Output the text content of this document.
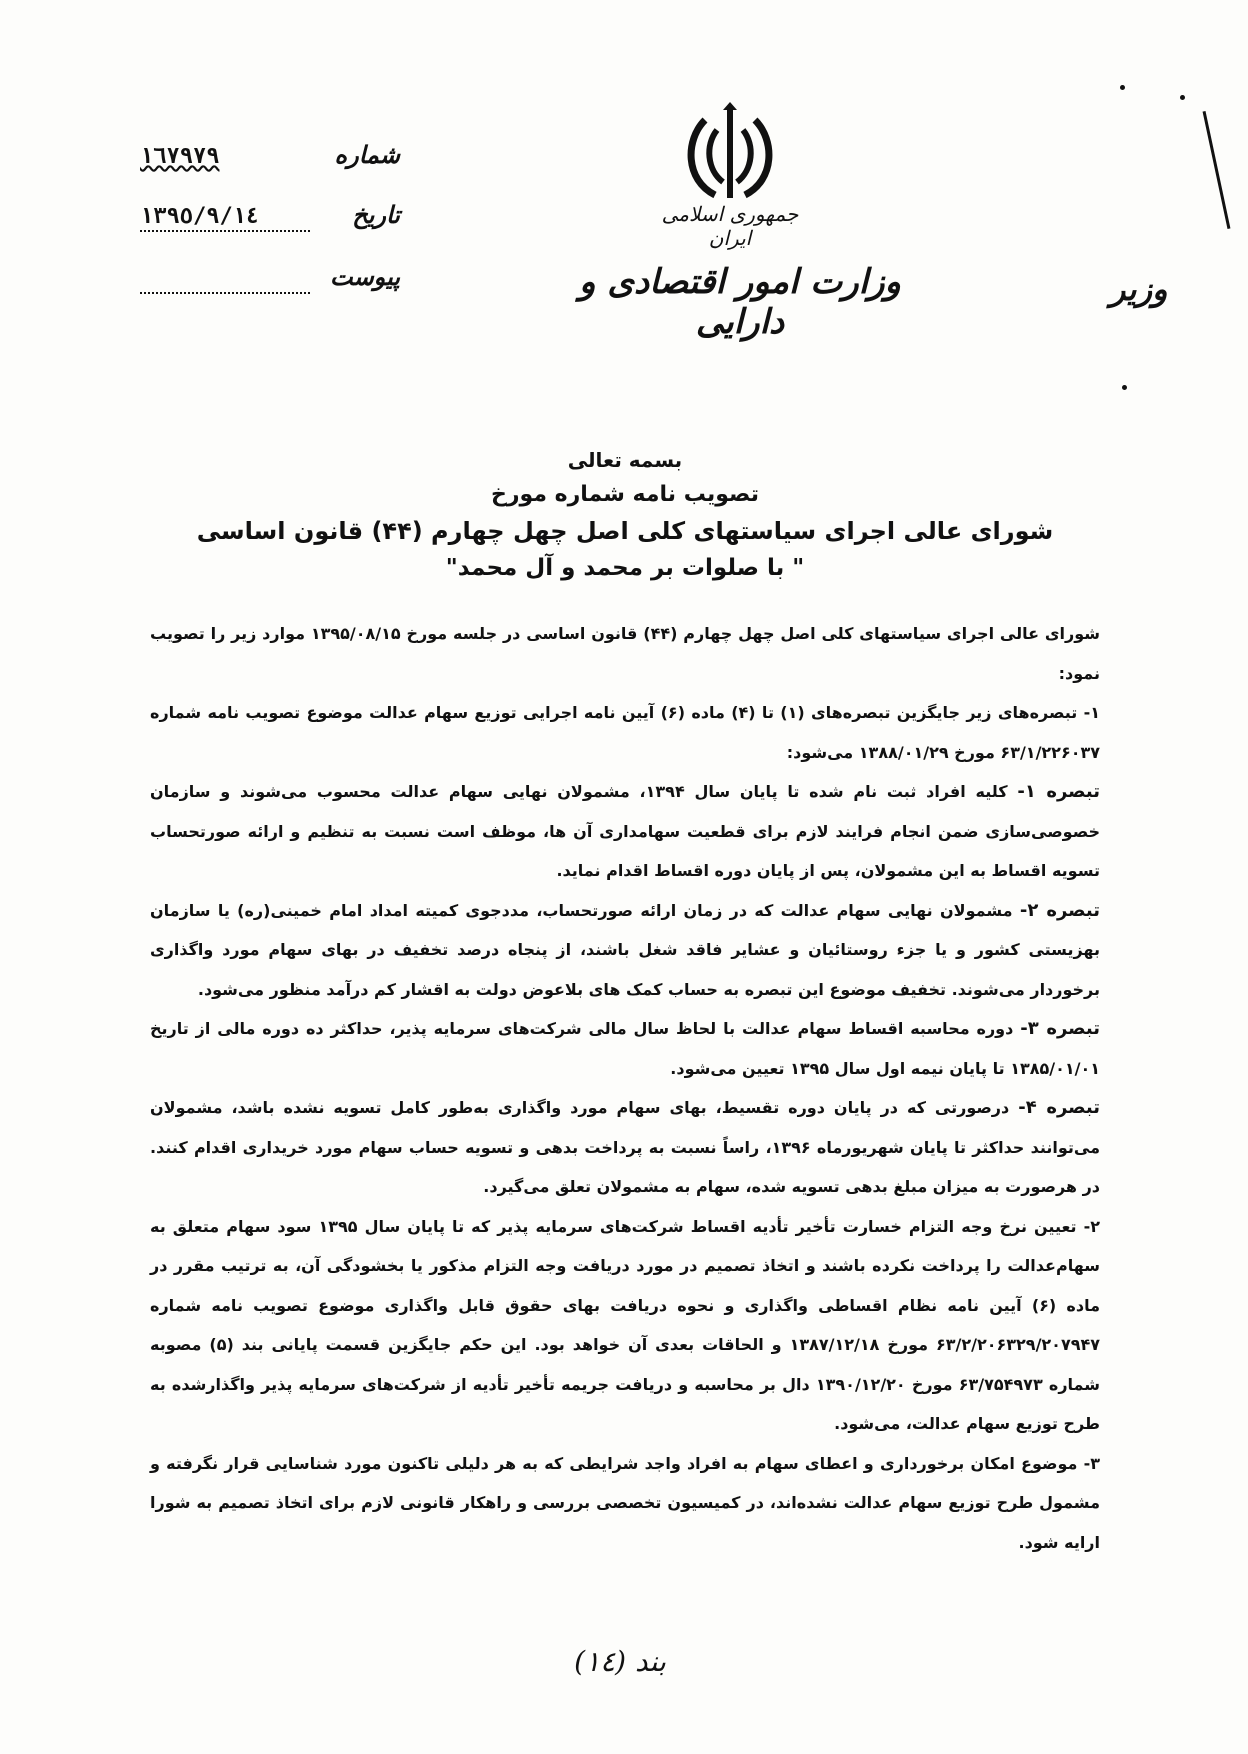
جمهوری اسلامی ایران
وزارت امور اقتصادی و دارایی
وزیر
شماره
١٦٧٩٧٩
تاریخ
١٣٩٥/٩/١٤
پیوست
بسمه تعالی
تصویب نامه شماره مورخ
شورای عالی اجرای سیاستهای کلی اصل چهل چهارم (۴۴) قانون اساسی
" با صلوات بر محمد و آل محمد"

شورای عالی اجرای سیاستهای کلی اصل چهل چهارم (۴۴) قانون اساسی در جلسه مورخ ۱۳۹۵/۰۸/۱۵ موارد زیر را تصویب نمود:

۱- تبصره‌های زیر جایگزین تبصره‌های (۱) تا (۴) ماده (۶) آیین نامه اجرایی توزیع سهام عدالت موضوع تصویب نامه شماره ۶۳/۱/۲۲۶۰۳۷ مورخ ۱۳۸۸/۰۱/۲۹ می‌شود:

تبصره ۱- کلیه افراد ثبت نام شده تا پایان سال ۱۳۹۴، مشمولان نهایی سهام عدالت محسوب می‌شوند و سازمان خصوصی‌سازی ضمن انجام فرایند لازم برای قطعیت سهامداری آن ها، موظف است نسبت به تنظیم و ارائه صورتحساب تسویه اقساط به این مشمولان، پس از پایان دوره اقساط اقدام نماید.

تبصره ۲- مشمولان نهایی سهام عدالت که در زمان ارائه صورتحساب، مددجوی کمیته امداد امام خمینی(ره) یا سازمان بهزیستی کشور و یا جزء روستائیان و عشایر فاقد شغل باشند، از پنجاه درصد تخفیف در بهای سهام مورد واگذاری برخوردار می‌شوند. تخفیف موضوع این تبصره به حساب کمک های بلاعوض دولت به اقشار کم درآمد منظور می‌شود.

تبصره ۳- دوره محاسبه اقساط سهام عدالت با لحاظ سال مالی شرکت‌های سرمایه پذیر، حداکثر ده دوره مالی از تاریخ ۱۳۸۵/۰۱/۰۱ تا پایان نیمه اول سال ۱۳۹۵ تعیین می‌شود.

تبصره ۴- درصورتی که در پایان دوره تقسیط، بهای سهام مورد واگذاری به‌طور کامل تسویه نشده باشد، مشمولان می‌توانند حداکثر تا پایان شهریورماه ۱۳۹۶، راساً نسبت به پرداخت بدهی و تسویه حساب سهام مورد خریداری اقدام کنند. در هرصورت به میزان مبلغ بدهی تسویه شده، سهام به مشمولان تعلق می‌گیرد.

۲- تعیین نرخ وجه التزام خسارت تأخیر تأدیه اقساط شرکت‌های سرمایه پذیر که تا پایان سال ۱۳۹۵ سود سهام متعلق به سهام‌عدالت را پرداخت نکرده باشند و اتخاذ تصمیم در مورد دریافت وجه التزام مذکور یا بخشودگی آن، به ترتیب مقرر در ماده (۶) آیین نامه نظام اقساطی واگذاری و نحوه دریافت بهای حقوق قابل واگذاری موضوع تصویب نامه شماره ۶۳/۲/۲۰۶۳۲۹/۲۰۷۹۴۷ مورخ ۱۳۸۷/۱۲/۱۸ و الحاقات بعدی آن خواهد بود. این حکم جایگزین قسمت پایانی بند (۵) مصوبه شماره ۶۳/۷۵۴۹۷۳ مورخ ۱۳۹۰/۱۲/۲۰ دال بر محاسبه و دریافت جریمه تأخیر تأدیه از شرکت‌های سرمایه پذیر واگذارشده به طرح توزیع سهام عدالت، می‌شود.

۳- موضوع امکان برخورداری و اعطای سهام به افراد واجد شرایطی که به هر دلیلی تاکنون مورد شناسایی قرار نگرفته و مشمول طرح توزیع سهام عدالت نشده‌اند، در کمیسیون تخصصی بررسی و راهکار قانونی لازم برای اتخاذ تصمیم به شورا ارایه شود.

بند (١٤)
